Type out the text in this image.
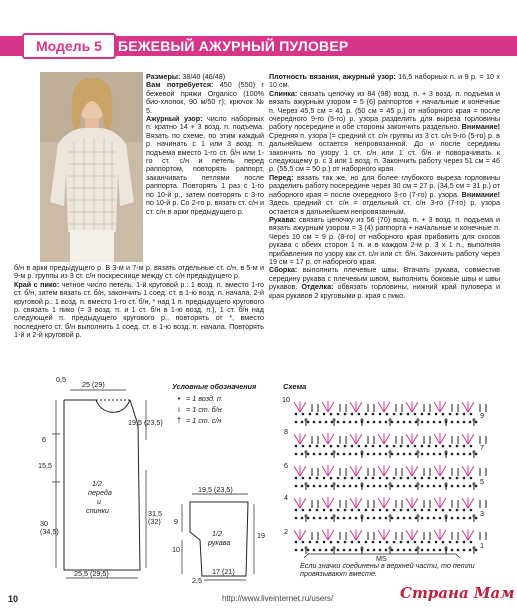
Модель 5	БЕЖЕВЫЙ АЖУРНЫЙ ПУЛОВЕР

Размеры: 38/40 (46/48)

Вам потребуется: 450 (550) г бежевой пряжи Organico (100% био-хлопок, 90 м/50 г); крючок № 5.

Ажурный узор: число наборных п. кратно 14 + 3 возд. п. подъема. Вязать по схеме, по этим каждый р. начинать с 1 или 3 возд. п. подъема вместо 1-го ст. б/н или 1-го ст. с/н и петель перед раппортом, повторять раппорт, заканчивать петлями после раппорта. Повторять 1 раз с 1-го по 10-й р., затем повторять с 3-го по 10-й р. Со 2-го р. вязать ст. с/н и ст. с/н в арки предыдущего р.

б/н в арки предыдущего р. В 3-м и 7-м р. вязать отдельные ст. с/н, в 5-м и 9-м р. группы из 3 ст. с/н поскреснице между ст. с/н предыдущего р.

Край с пико: четное число петель. 1-й круговой р.: 1 возд. п. вместо 1-го ст. б/н, затем вязать ст. б/н, закончить 1 соед. ст. в 1-ю возд. п. начала. 2-й круговой р.: 1 возд. п. вместо 1-го ст. б/н, * над 1 п. предыдущего кругового р. связать 1 пико (= 3 возд. п. и 1 ст. б/н в 1-ю возд. п.), 1 ст. б/н над следующей п. предыдущего кругового р., повторять от *, вместо последнего ст. б/н выполнить 1 соед. ст. в 1-ю возд. п. начала. Повторять 1-й и 2-й круговой р.

Плотность вязания, ажурный узор: 16,5 наборных п. и 9 р. = 10 х 10 см.

Спинка: связать цепочку из 84 (98) возд. п. + 3 возд. п. подъема и вязать ажурным узором = 5 (6) раппортов + начальные и конечные п. Через 45,5 см = 41 р. (50 см = 45 р.) от наборного края = после очередного 9-го (5-го) р. узора разделить для выреза горловины работу посередине и обе стороны закончить раздельно. Внимание! Средняя п. узора (= средний ст. с/н группы из 3 ст. с/н 9-го (5-го) р. в дальнейшем остается непровязанной. До и после середины закончить по узору 1 ст. с/н или 1 ст. б/н и поворачивать к следующему р. с 3 или 1 возд. п. Закончить работу через 51 см = 46 р. (55,5 см = 50 р.) от наборного края.

Перед: вязать так же, но для более глубокого выреза горловины разделить работу посередине через 30 см = 27 р. (34,5 см = 31 р.) от наборного края = после очередного 3-го (7-го) р. узора. Внимание! Здесь средний ст. с/н = отдельный ст. с/н 3-го (7-го) р. узора остается в дальнейшем непровязанным.

Рукава: связать цепочку из 56 (70) возд. п. + 3 возд. п. подъема и вязать ажурным узором = 3 (4) раппорта + начальные и конечные п. Через 10 см = 9 р. (8-го) от наборного края прибавить для скосов рукава с обеих сторон 1 п. и в каждом 2-м р. 3 x 1 п., выполняя прибавления по узору как ст. с/н или ст. б/н. Закончить работу через 19 см = 17 р. от наборного края.

Сборка: выполнить плечевые швы. Втачать рукава, совместив середину рукава с плечевым швом, выполнить боковые швы и швы рукавов. Отделка: обвязать горловины, нижний край пуловера и края рукавов 2 круговыми р. края с пико.

0,5
25 (29)
19,5 (23,5)
6
15,5
30 (34,5)
31,5 (32)
25,5 (29,5)
1/2
переда
и
спинки
Условные обозначения
• = 1 возд. п.
ı = 1 ст. б/н
† = 1 ст. с/н
19,5 (23,5)
9
10
19
17 (21)
2,5
1/2
рукава
Схема
10
9
8
7
6
5
4
3
2
1
MS
Если значки соединены в верхней части, то петли провязывают вместе.
10	http://www.liveinternet.ru/users/	Страна Мам
